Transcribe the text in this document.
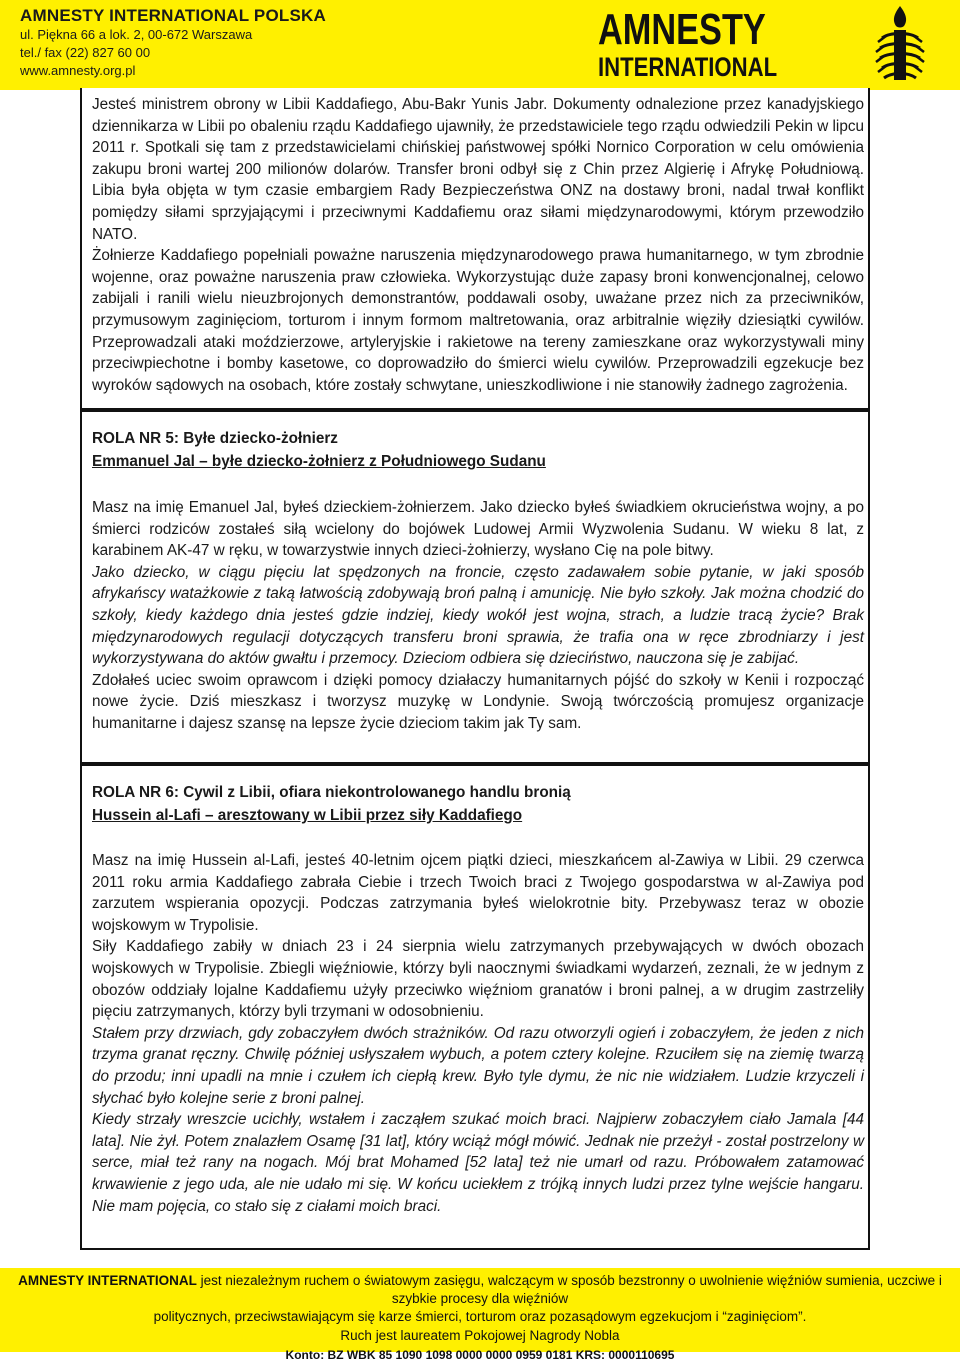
AMNESTY INTERNATIONAL POLSKA
ul. Piękna 66 a lok. 2, 00-672 Warszawa
tel./ fax (22) 827 60 00
www.amnesty.org.pl
AMNESTY
INTERNATIONAL

Jesteś ministrem obrony w Libii Kaddafiego, Abu-Bakr Yunis Jabr. Dokumenty odnalezione przez kanadyjskiego dziennikarza w Libii po obaleniu rządu Kaddafiego ujawniły, że przedstawiciele tego rządu odwiedzili Pekin w lipcu 2011 r. Spotkali się tam z przedstawicielami chińskiej państwowej spółki Nornico Corporation w celu omówienia zakupu broni wartej 200 milionów dolarów. Transfer broni odbył się z Chin przez Algierię i Afrykę Południową. Libia była objęta w tym czasie embargiem Rady Bezpieczeństwa ONZ na dostawy broni, nadal trwał konflikt pomiędzy siłami sprzyjającymi i przeciwnymi Kaddafiemu oraz siłami międzynarodowymi, którym przewodziło NATO.

Żołnierze Kaddafiego popełniali poważne naruszenia międzynarodowego prawa humanitarnego, w tym zbrodnie wojenne, oraz poważne naruszenia praw człowieka. Wykorzystując duże zapasy broni konwencjonalnej, celowo zabijali i ranili wielu nieuzbrojonych demonstrantów, poddawali osoby, uważane przez nich za przeciwników, przymusowym zaginięciom, torturom i innym formom maltretowania, oraz arbitralnie więziły dziesiątki cywilów. Przeprowadzali ataki moździerzowe, artyleryjskie i rakietowe na tereny zamieszkane oraz wykorzystywali miny przeciwpiechotne i bomby kasetowe, co doprowadziło do śmierci wielu cywilów. Przeprowadzili egzekucje bez wyroków sądowych na osobach, które zostały schwytane, unieszkodliwione i nie stanowiły żadnego zagrożenia.

ROLA NR 5: Byłe dziecko-żołnierz
Emmanuel Jal – byłe dziecko-żołnierz z Południowego Sudanu

Masz na imię Emanuel Jal, byłeś dzieckiem-żołnierzem. Jako dziecko byłeś świadkiem okrucieństwa wojny, a po śmierci rodziców zostałeś siłą wcielony do bojówek Ludowej Armii Wyzwolenia Sudanu. W wieku 8 lat, z karabinem AK-47 w ręku, w towarzystwie innych dzieci-żołnierzy, wysłano Cię na pole bitwy.

Jako dziecko, w ciągu pięciu lat spędzonych na froncie, często zadawałem sobie pytanie, w jaki sposób afrykańscy watażkowie z taką łatwością zdobywają broń palną i amunicję. Nie było szkoły. Jak można chodzić do szkoły, kiedy każdego dnia jesteś gdzie indziej, kiedy wokół jest wojna, strach, a ludzie tracą życie? Brak międzynarodowych regulacji dotyczących transferu broni sprawia, że trafia ona w ręce zbrodniarzy i jest wykorzystywana do aktów gwałtu i przemocy. Dzieciom odbiera się dzieciństwo, nauczona się je zabijać.

Zdołałeś uciec swoim oprawcom i dzięki pomocy działaczy humanitarnych pójść do szkoły w Kenii i rozpocząć nowe życie. Dziś mieszkasz i tworzysz muzykę w Londynie. Swoją twórczością promujesz organizacje humanitarne i dajesz szansę na lepsze życie dzieciom takim jak Ty sam.

ROLA NR 6: Cywil z Libii, ofiara niekontrolowanego handlu bronią
Hussein al-Lafi – aresztowany w Libii przez siły Kaddafiego

Masz na imię Hussein al-Lafi, jesteś 40-letnim ojcem piątki dzieci, mieszkańcem al-Zawiya w Libii. 29 czerwca 2011 roku armia Kaddafiego zabrała Ciebie i trzech Twoich braci z Twojego gospodarstwa w al-Zawiya pod zarzutem wspierania opozycji. Podczas zatrzymania byłeś wielokrotnie bity. Przebywasz teraz w obozie wojskowym w Trypolisie.

Siły Kaddafiego zabiły w dniach 23 i 24 sierpnia wielu zatrzymanych przebywających w dwóch obozach wojskowych w Trypolisie. Zbiegli więźniowie, którzy byli naocznymi świadkami wydarzeń, zeznali, że w jednym z obozów oddziały lojalne Kaddafiemu użyły przeciwko więźniom granatów i broni palnej, a w drugim zastrzeliły pięciu zatrzymanych, którzy byli trzymani w odosobnieniu.

Stałem przy drzwiach, gdy zobaczyłem dwóch strażników. Od razu otworzyli ogień i zobaczyłem, że jeden z nich trzyma granat ręczny. Chwilę później usłyszałem wybuch, a potem cztery kolejne. Rzuciłem się na ziemię twarzą do przodu; inni upadli na mnie i czułem ich ciepłą krew. Było tyle dymu, że nic nie widziałem. Ludzie krzyczeli i słychać było kolejne serie z broni palnej.

Kiedy strzały wreszcie ucichły, wstałem i zacząłem szukać moich braci. Najpierw zobaczyłem ciało Jamala [44 lata]. Nie żył. Potem znalazłem Osamę [31 lat], który wciąż mógł mówić. Jednak nie przeżył - został postrzelony w serce, miał też rany na nogach. Mój brat Mohamed [52 lata] też nie umarł od razu. Próbowałem zatamować krwawienie z jego uda, ale nie udało mi się. W końcu uciekłem z trójką innych ludzi przez tylne wejście hangaru. Nie mam pojęcia, co stało się z ciałami moich braci.

AMNESTY INTERNATIONAL jest niezależnym ruchem o światowym zasięgu, walczącym w sposób bezstronny o uwolnienie więźniów sumienia, uczciwe i szybkie procesy dla więźniów
politycznych, przeciwstawiającym się karze śmierci, torturom oraz pozasądowym egzekucjom i “zaginięciom”.
Ruch jest laureatem Pokojowej Nagrody Nobla
Konto: BZ WBK 85 1090 1098 0000 0000 0959 0181 KRS: 0000110695
